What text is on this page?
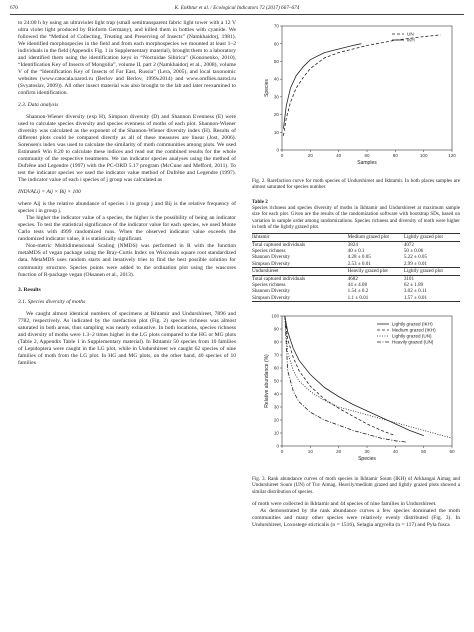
670	K. Enkhtur et al. / Ecological Indicators 72 (2017) 667–674

to 24:00 h by using an ultraviolet light trap (small semitransparent fabric light tower with a 12 V ultra violet light produced by Bioform Germany), and killed them in bottles with cyanide. We followed the “Method of Collecting, Treating and Preserving of Insects” (Namkhaidorj, 1981). We identified morphospecies in the field and from each morphospecies we mounted at least 1–2 individuals in the field (Appendix Fig. 1 in Supplementary material), brought them to a laboratory and identified them using the identification keys in “Noctuidae Sibirica” (Kononenko, 2010), “Identification Key of Insects of Mongolia”, volume II, part 2 (Namkhaidorj et al., 2008), volume V of the “Identification Key of Insects of Far East, Russia” (Lera, 2005), and local taxonomic websites (www.catocala.narod.ru (Berlov and Berlov, 1999»2014) and www.omflies.narod.ru (Svyatoslav, 2009)). All other insect material was also brought to the lab and later reexamined to confirm identification.

2.3. Data analysis

Shannon-Wiener diversity (exp H), Simpson diversity (D) and Shannon Evenness (E) were used to calculate species diversity and species evenness of moths of each plot. Shannon-Wiener diversity was calculated as the exponent of the Shannon-Wiener diversity index (H). Results of different plots could be compared directly as all of these measures are linear (Jost, 2006). Sorensen's index was used to calculate the similarity of moth communities among plots. We used EstimateS Win 8.20 to calculate these indices and read out the combined results for the whole community of the respective treatments. We ran indicator species analyses using the method of Dufrêne and Legendre (1997) with the PC-ORD 5.17 program (McCune and Mefford, 2011). To test the indicator species we used the indicator value method of Dufrêne and Legendre (1997). The indicator value of each i species of j group was calculated as

INDVALij = Aij × Bij × 100

where Aij is the relative abundance of species i in group j and Bij is the relative frequency of species i in group j.

The higher the indicator value of a species, the higher is the possibility of being an indicator species. To test the statistical significance of the indicator value for each species, we used Monte Carlo tests with 4999 randomized runs. When the observed indicator value exceeds the randomized indicator value, it is statistically significant.

Non-metric Multidimensional Scaling (NMDS) was performed in R with the function metaMDS of vegan package using the Bray-Curtis Index on Wisconsin square root standardized data. MetaMDS uses random starts and iteratively tries to find the best possible solution for community structure. Species points were added to the ordination plot using the wascores function of R-package vegan (Oksanen et al., 2013).

3. Results
3.1. Species diversity of moths

We caught almost identical numbers of specimens at Ikhtamir and Undurshireet, 7896 and 7782, respectively. As indicated by the rarefaction plot (Fig. 2) species richness was almost saturated in both areas, thus sampling was nearly exhaustive. In both locations, species richness and diversity of moths were 1.3–2 times higher in the LG plots compared to the HG or MG plots (Table 2, Appendix Table 1 in Supplementary material). In Ikhtamir 50 species from 10 families of Lepidoptera were caught in the LG plot, while in Undurshireet we caught 62 species of nine families of moth from the LG plot. In HG and MG plots, on the other hand, 40 species of 10 families

0	20	40	60	80	100	120
0
10
20
30
40
50
60
70
Samples
Species
UN
IKH
Fig. 2. Rarefaction curve for moth species of Undurshireet and Ikhtamir. In both places samples are almost saturated for species number.
Table 2
Species richness and species diversity of moths in Ikhtamir and Undurshireet at maximum sample size for each plot. Given are the results of the randomization software with bootstrap SDs, based on variation in sample order among randomizations. Species richness and diversity of moth were higher in both of the lightly grazed plot.
Ikhtamir	Medium grazed plot	Lightly grazed plot
Total captured individuals	3824	4072
Species richness	40 ± 0.1	50 ± 0.06
Shannon Diversity	4.28 ± 0.05	5.22 ± 0.05
Simpson Diversity	2.53 ± 0.01	2.99 ± 0.01
Undurshireet	Heavily grazed plot	Lightly grazed plot
Total captured individuals	4682	3101
Species richness	44 ± 4.08	62 ± 1.89
Shannon Diversity	1.54 ± 0.2	3.02 ± 0.11
Simpson Diversity	1.1 ± 0.01	1.57 ± 0.01
0	10	20	30	40	50	60
0
10
20
30
40
50
60
70
80
90
100
Species
Relative abundance (%)
Lightly grazed (IKH)
Medium grazed (IKH)
Lightly grazed (UN)
Heavily grazed (UN)
Fig. 3. Rank abundance curves of moth species in Ikhtamir Soum (IKH) of Arkhangai Aimag and Undurshireet Soum (UN) of Tuv Aimag. Heavily/medium grazed and lightly grazed plots showed a similar distribution of species.

of moth were collected in Ikhtamir and 44 species of nine families in Undurshireet.

As demonstrated by the rank abundance curves a few species dominated the moth communities and many other species were relatively evenly distributed (Fig. 3). In Undurshireet, Loxostege sticticalis (n = 1516), Selagia argyrella (n = 117) and Pyla fusca
